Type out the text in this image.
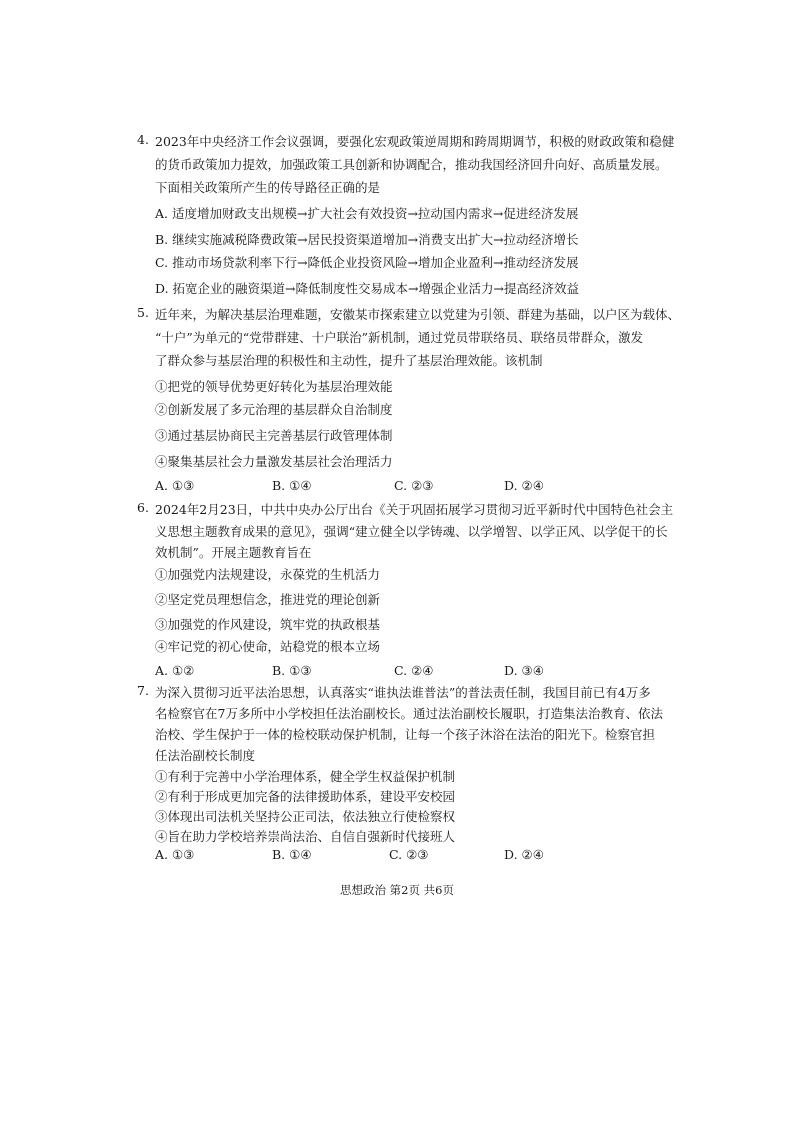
4. 2023年中央经济工作会议强调，要强化宏观政策逆周期和跨周期调节，积极的财政政策和稳健
的货币政策加力提效，加强政策工具创新和协调配合，推动我国经济回升向好、高质量发展。
下面相关政策所产生的传导路径正确的是
A. 适度增加财政支出规模→扩大社会有效投资→拉动国内需求→促进经济发展
B. 继续实施减税降费政策→居民投资渠道增加→消费支出扩大→拉动经济增长
C. 推动市场贷款利率下行→降低企业投资风险→增加企业盈利→推动经济发展
D. 拓宽企业的融资渠道→降低制度性交易成本→增强企业活力→提高经济效益
5. 近年来，为解决基层治理难题，安徽某市探索建立以党建为引领、群建为基础，以户区为载体、
“十户”为单元的“党带群建、十户联治”新机制，通过党员带联络员、联络员带群众，激发
了群众参与基层治理的积极性和主动性，提升了基层治理效能。该机制
①把党的领导优势更好转化为基层治理效能
②创新发展了多元治理的基层群众自治制度
③通过基层协商民主完善基层行政管理体制
④聚集基层社会力量激发基层社会治理活力
A. ①③	B. ①④	C. ②③	D. ②④
6. 2024年2月23日，中共中央办公厅出台《关于巩固拓展学习贯彻习近平新时代中国特色社会主
义思想主题教育成果的意见》，强调“建立健全以学铸魂、以学增智、以学正风、以学促干的长
效机制”。开展主题教育旨在
①加强党内法规建设，永葆党的生机活力
②坚定党员理想信念，推进党的理论创新
③加强党的作风建设，筑牢党的执政根基
④牢记党的初心使命，站稳党的根本立场
A. ①②	B. ①③	C. ②④	D. ③④
7. 为深入贯彻习近平法治思想，认真落实“谁执法谁普法”的普法责任制，我国目前已有4万多
名检察官在7万多所中小学校担任法治副校长。通过法治副校长履职，打造集法治教育、依法
治校、学生保护于一体的检校联动保护机制，让每一个孩子沐浴在法治的阳光下。检察官担
任法治副校长制度
①有利于完善中小学治理体系，健全学生权益保护机制
②有利于形成更加完备的法律援助体系，建设平安校园
③体现出司法机关坚持公正司法，依法独立行使检察权
④旨在助力学校培养崇尚法治、自信自强新时代接班人
A. ①③	B. ①④	C. ②③	D. ②④
思想政治 第2页 共6页
